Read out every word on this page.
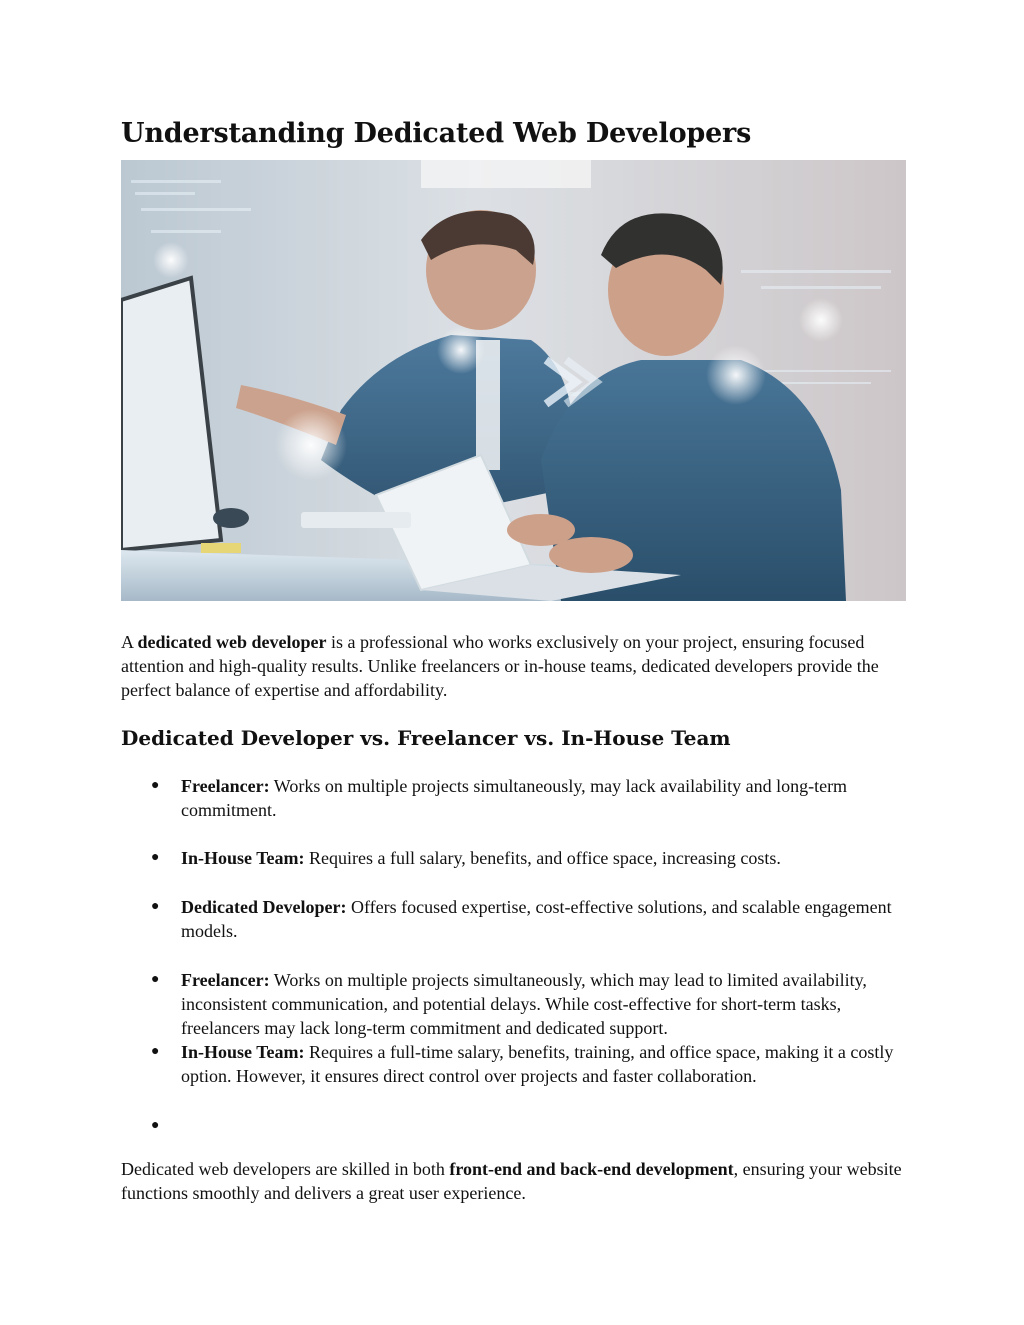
Understanding Dedicated Web Developers

A dedicated web developer is a professional who works exclusively on your project, ensuring focused attention and high-quality results. Unlike freelancers or in-house teams, dedicated developers provide the perfect balance of expertise and affordability.

Dedicated Developer vs. Freelancer vs. In-House Team
● Freelancer: Works on multiple projects simultaneously, may lack availability and long-term commitment.
● In-House Team: Requires a full salary, benefits, and office space, increasing costs.
● Dedicated Developer: Offers focused expertise, cost-effective solutions, and scalable engagement models.
● Freelancer: Works on multiple projects simultaneously, which may lead to limited availability, inconsistent communication, and potential delays. While cost-effective for short-term tasks, freelancers may lack long-term commitment and dedicated support.
● In-House Team: Requires a full-time salary, benefits, training, and office space, making it a costly option. However, it ensures direct control over projects and faster collaboration.
●

Dedicated web developers are skilled in both front-end and back-end development, ensuring your website functions smoothly and delivers a great user experience.
